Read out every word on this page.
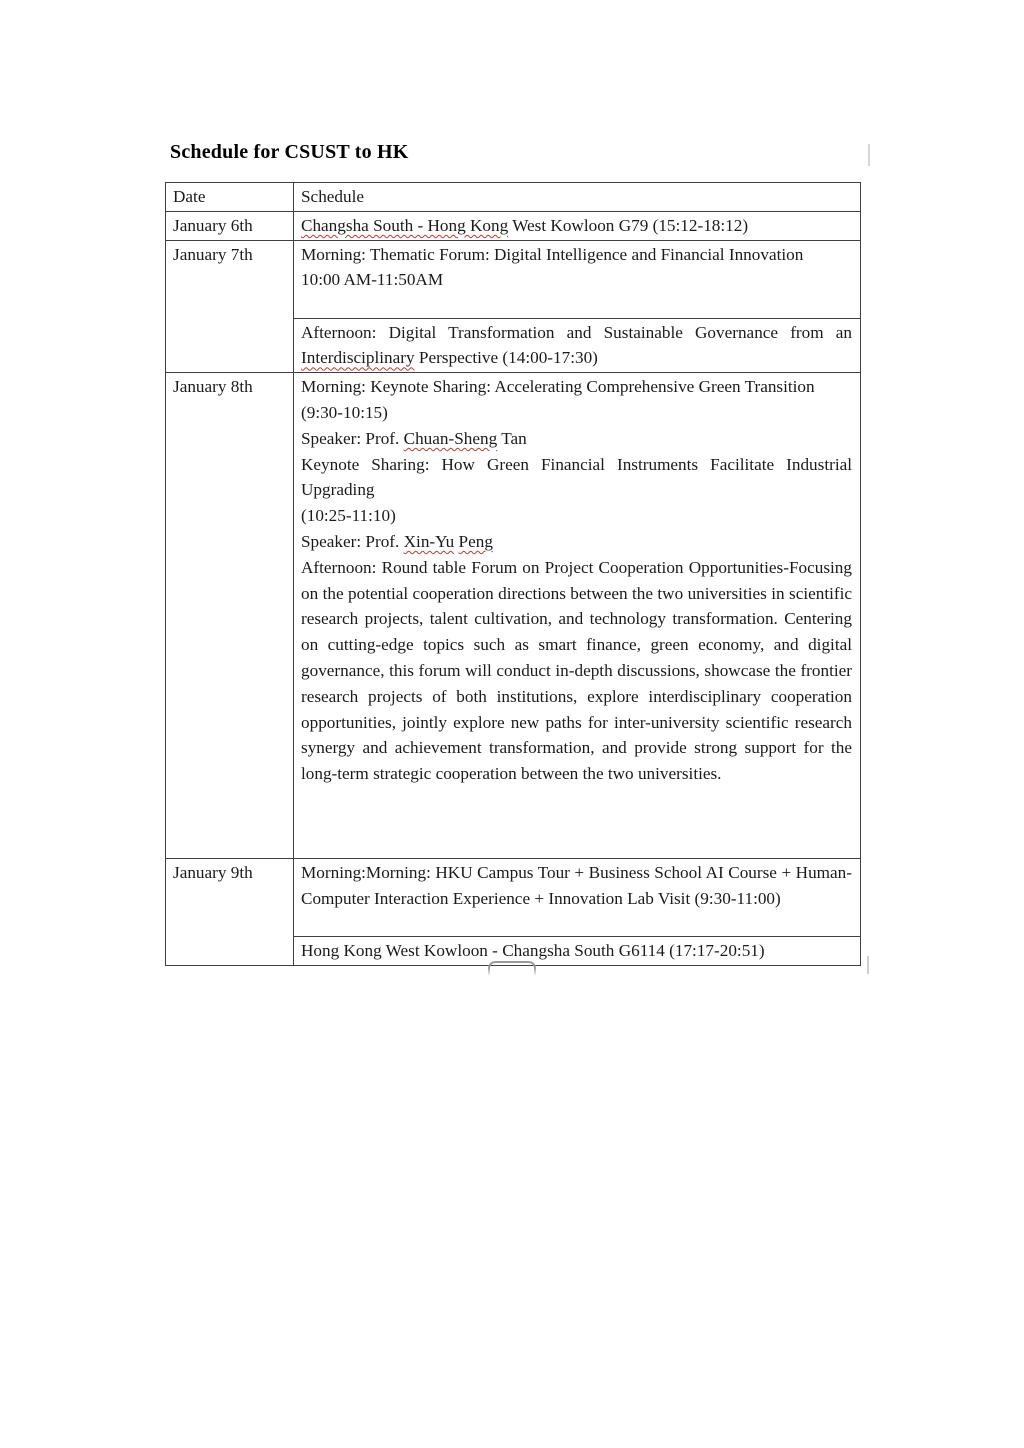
Schedule for CSUST to HK
Date	Schedule
January 6th	Changsha South - Hong Kong West Kowloon G79 (15:12-18:12)

January 7th	Morning: Thematic Forum: Digital Intelligence and Financial Innovation
10:00 AM-11:50AM

	Afternoon: Digital Transformation and Sustainable Governance from an Interdisciplinary Perspective (14:00-17:30)

January 8th	Morning: Keynote Sharing: Accelerating Comprehensive Green Transition
(9:30-10:15)
Speaker: Prof. Chuan-Sheng Tan
Keynote Sharing: How Green Financial Instruments Facilitate Industrial Upgrading
(10:25-11:10)
Speaker: Prof. Xin-Yu Peng
Afternoon: Round table Forum on Project Cooperation Opportunities-Focusing on the potential cooperation directions between the two universities in scientific research projects, talent cultivation, and technology transformation. Centering on cutting-edge topics such as smart finance, green economy, and digital governance, this forum will conduct in-depth discussions, showcase the frontier research projects of both institutions, explore interdisciplinary cooperation opportunities, jointly explore new paths for inter-university scientific research synergy and achievement transformation, and provide strong support for the long-term strategic cooperation between the two universities.

January 9th	Morning:Morning: HKU Campus Tour + Business School AI Course + Human-Computer Interaction Experience + Innovation Lab Visit (9:30-11:00)

	Hong Kong West Kowloon - Changsha South G6114 (17:17-20:51)
